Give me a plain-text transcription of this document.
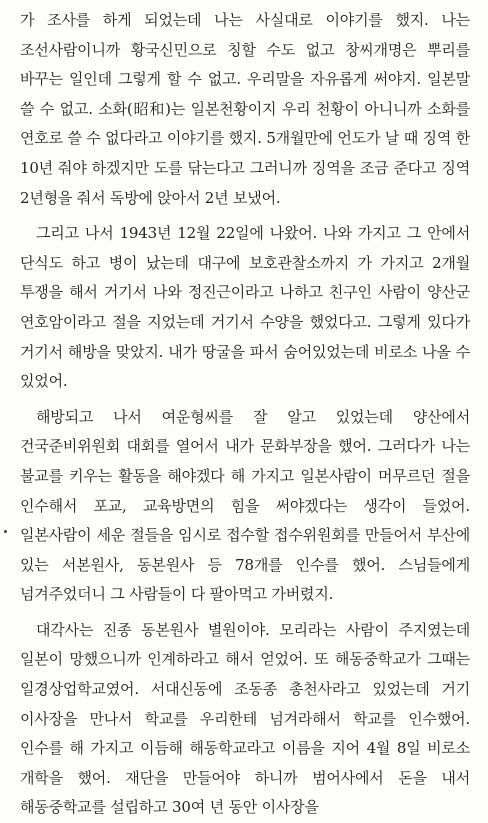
가 조사를 하게 되었는데 나는 사실대로 이야기를 했지. 나는 조선사람이니까 황국신민으로 칭할 수도 없고 창씨개명은 뿌리를 바꾸는 일인데 그렇게 할 수 없고. 우리말을 자유롭게 써야지. 일본말 쓸 수 없고. 소화(昭和)는 일본천황이지 우리 천황이 아니니까 소화를 연호로 쓸 수 없다라고 이야기를 했지. 5개월만에 언도가 날 때 징역 한 10년 줘야 하겠지만 도를 닦는다고 그러니까 징역을 조금 준다고 징역 2년형을 줘서 독방에 앉아서 2년 보냈어.

그리고 나서 1943년 12월 22일에 나왔어. 나와 가지고 그 안에서 단식도 하고 병이 났는데 대구에 보호관찰소까지 가 가지고 2개월 투쟁을 해서 거기서 나와 정진근이라고 나하고 친구인 사람이 양산군 연호암이라고 절을 지었는데 거기서 수양을 했었다고. 그렇게 있다가 거기서 해방을 맞았지. 내가 땅굴을 파서 숨어있었는데 비로소 나올 수 있었어.

해방되고 나서 여운형씨를 잘 알고 있었는데 양산에서 건국준비위원회 대회를 열어서 내가 문화부장을 했어. 그러다가 나는 불교를 키우는 활동을 해야겠다 해 가지고 일본사람이 머무르던 절을 인수해서 포교, 교육방면의 힘을 써야겠다는 생각이 들었어. 일본사람이 세운 절들을 임시로 접수할 접수위원회를 만들어서 부산에 있는 서본원사, 동본원사 등 78개를 인수를 했어. 스님들에게 넘겨주었더니 그 사람들이 다 팔아먹고 가버렸지.

대각사는 진종 동본원사 별원이야. 모리라는 사람이 주지였는데 일본이 망했으니까 인계하라고 해서 얻었어. 또 해동중학교가 그때는 일경상업학교였어. 서대신동에 조동종 총천사라고 있었는데 거기 이사장을 만나서 학교를 우리한테 넘겨라해서 학교를 인수했어. 인수를 해 가지고 이듬해 해동학교라고 이름을 지어 4월 8일 비로소 개학을 했어. 재단을 만들어야 하니까 범어사에서 돈을 내서 해동중학교를 설립하고 30여 년 동안 이사장을
